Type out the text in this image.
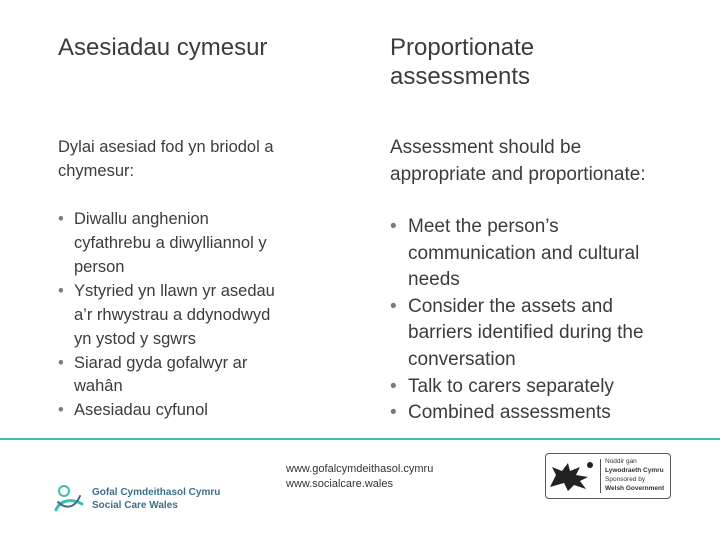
Asesiadau cymesur

Dylai asesiad fod yn briodol a
chymesur:

• Diwallu anghenion
cyfathrebu a diwylliannol y
person
• Ystyried yn llawn yr asedau
a’r rhwystrau a ddynodwyd
yn ystod y sgwrs
• Siarad gyda gofalwyr ar
wahân
• Asesiadau cyfunol
Proportionate
assessments

Assessment should be
appropriate and proportionate:

• Meet the person’s
communication and cultural
needs
• Consider the assets and
barriers identified during the
conversation
• Talk to carers separately
• Combined assessments
Gofal Cymdeithasol Cymru
Social Care Wales
www.gofalcymdeithasol.cymru
www.socialcare.wales
Noddir gan
Lywodraeth Cymru
Sponsored by
Welsh Government
